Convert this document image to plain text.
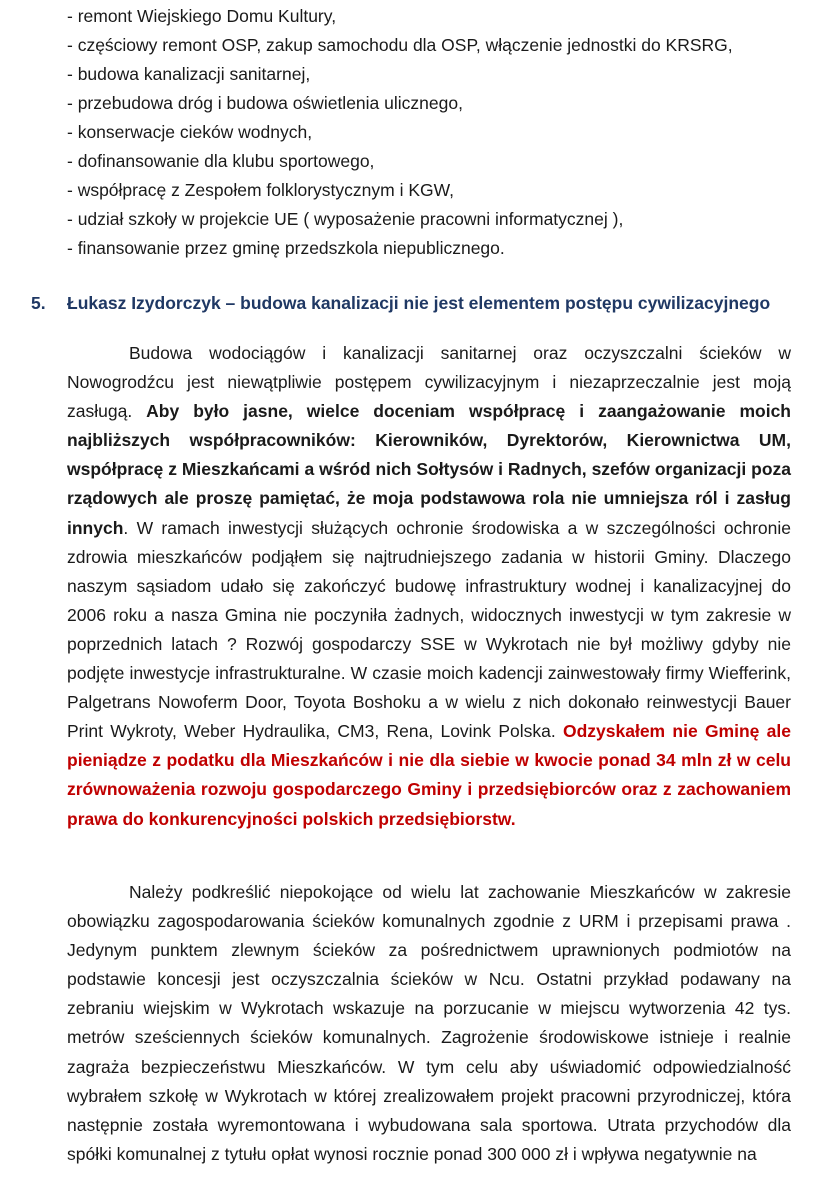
- remont Wiejskiego Domu Kultury,
- częściowy remont OSP, zakup samochodu dla OSP, włączenie jednostki do KRSRG,
- budowa kanalizacji sanitarnej,
- przebudowa dróg i budowa oświetlenia ulicznego,
- konserwacje cieków wodnych,
- dofinansowanie dla klubu sportowego,
- współpracę z Zespołem folklorystycznym i KGW,
- udział szkoły w projekcie UE ( wyposażenie pracowni informatycznej ),
- finansowanie przez gminę przedszkola niepublicznego.
5. Łukasz Izydorczyk – budowa kanalizacji nie jest elementem postępu cywilizacyjnego

Budowa wodociągów i kanalizacji sanitarnej oraz oczyszczalni ścieków w Nowogrodźcu jest niewątpliwie postępem cywilizacyjnym i niezaprzeczalnie jest moją zasługą. Aby było jasne, wielce doceniam współpracę i zaangażowanie moich najbliższych współpracowników: Kierowników, Dyrektorów, Kierownictwa UM, współpracę z Mieszkańcami a wśród nich Sołtysów i Radnych, szefów organizacji poza rządowych ale proszę pamiętać, że moja podstawowa rola nie umniejsza ról i zasług innych. W ramach inwestycji służących ochronie środowiska a w szczególności ochronie zdrowia mieszkańców podjąłem się najtrudniejszego zadania w historii Gminy. Dlaczego naszym sąsiadom udało się zakończyć budowę infrastruktury wodnej i kanalizacyjnej do 2006 roku a nasza Gmina nie poczyniła żadnych, widocznych inwestycji w tym zakresie w poprzednich latach ? Rozwój gospodarczy SSE w Wykrotach nie był możliwy gdyby nie podjęte inwestycje infrastrukturalne. W czasie moich kadencji zainwestowały firmy Wiefferink, Palgetrans Nowoferm Door, Toyota Boshoku a w wielu z nich dokonało reinwestycji Bauer Print Wykroty, Weber Hydraulika, CM3, Rena, Lovink Polska. Odzyskałem nie Gminę ale pieniądze z podatku dla Mieszkańców i nie dla siebie w kwocie ponad 34 mln zł w celu zrównoważenia rozwoju gospodarczego Gminy i przedsiębiorców oraz z zachowaniem prawa do konkurencyjności polskich przedsiębiorstw.

Należy podkreślić niepokojące od wielu lat zachowanie Mieszkańców w zakresie obowiązku zagospodarowania ścieków komunalnych zgodnie z URM i przepisami prawa . Jedynym punktem zlewnym ścieków za pośrednictwem uprawnionych podmiotów na podstawie koncesji jest oczyszczalnia ścieków w Ncu. Ostatni przykład podawany na zebraniu wiejskim w Wykrotach wskazuje na porzucanie w miejscu wytworzenia 42 tys. metrów sześciennych ścieków komunalnych. Zagrożenie środowiskowe istnieje i realnie zagraża bezpieczeństwu Mieszkańców. W tym celu aby uświadomić odpowiedzialność wybrałem szkołę w Wykrotach w której zrealizowałem projekt pracowni przyrodniczej, która następnie została wyremontowana i wybudowana sala sportowa. Utrata przychodów dla spółki komunalnej z tytułu opłat wynosi rocznie ponad 300 000 zł i wpływa negatywnie na
